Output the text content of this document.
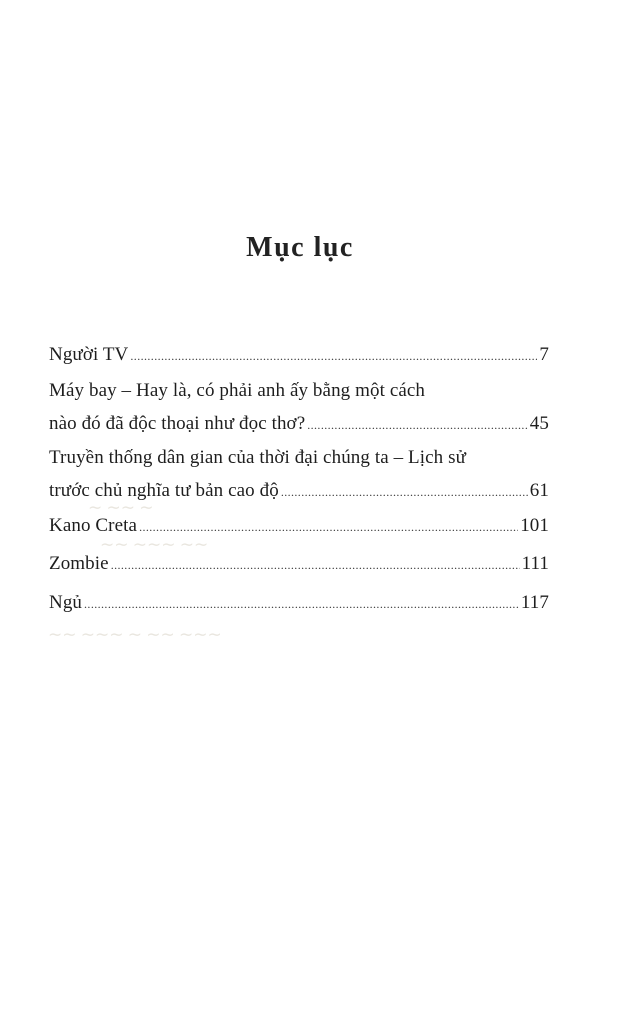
∼ ∼∼ ∼
∼∼ ∼∼∼ ∼∼
∼∼ ∼∼∼ ∼ ∼∼ ∼∼∼
Mục lục
Người TV .....	7
Máy bay – Hay là, có phải anh ấy bằng một cách
nào đó đã độc thoại như đọc thơ? .....	45
Truyền thống dân gian của thời đại chúng ta – Lịch sử
trước chủ nghĩa tư bản cao độ .....	61
Kano Creta .....	101
Zombie .....	111
Ngủ .....	117
